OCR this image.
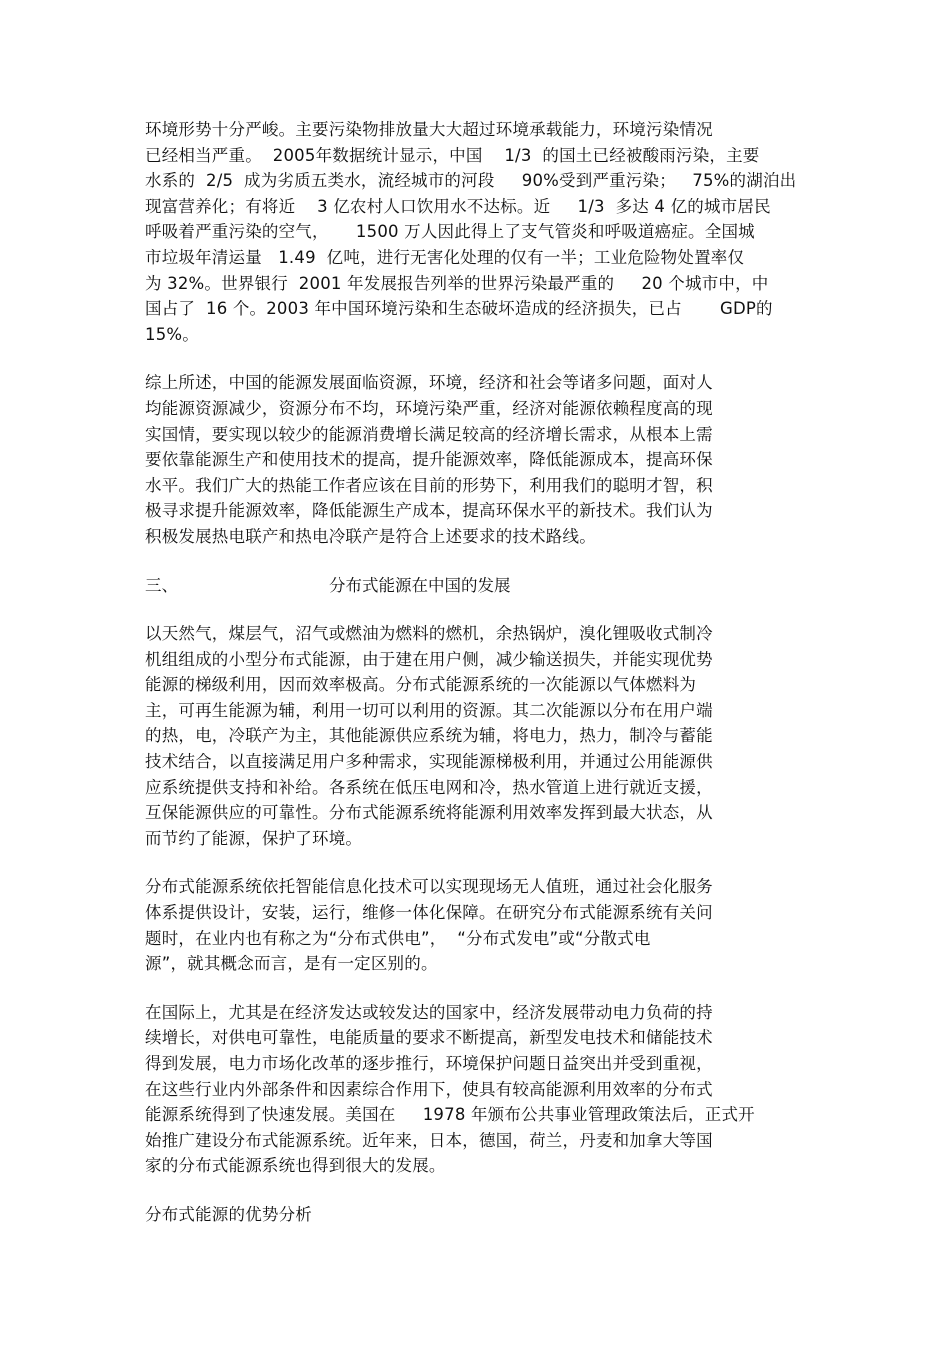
环境形势十分严峻。主要污染物排放量大大超过环境承载能力，环境污染情况
已经相当严重。  2005年数据统计显示，中国    1/3  的国土已经被酸雨污染，主要
水系的  2/5  成为劣质五类水，流经城市的河段     90%受到严重污染；   75%的湖泊出
现富营养化；有将近    3 亿农村人口饮用水不达标。近     1/3  多达 4 亿的城市居民
呼吸着严重污染的空气，     1500 万人因此得上了支气管炎和呼吸道癌症。全国城
市垃圾年清运量   1.49  亿吨，进行无害化处理的仅有一半；工业危险物处置率仅
为 32%。世界银行  2001 年发展报告列举的世界污染最严重的     20 个城市中，中
国占了  16 个。2003 年中国环境污染和生态破坏造成的经济损失，已占       GDP的
15%。
综上所述，中国的能源发展面临资源，环境，经济和社会等诸多问题，面对人
均能源资源减少，资源分布不均，环境污染严重，经济对能源依赖程度高的现
实国情，要实现以较少的能源消费增长满足较高的经济增长需求，从根本上需
要依靠能源生产和使用技术的提高，提升能源效率，降低能源成本，提高环保
水平。我们广大的热能工作者应该在目前的形势下，利用我们的聪明才智，积
极寻求提升能源效率，降低能源生产成本，提高环保水平的新技术。我们认为
积极发展热电联产和热电冷联产是符合上述要求的技术路线。
三、	分布式能源在中国的发展
以天然气，煤层气，沼气或燃油为燃料的燃机，余热锅炉，溴化锂吸收式制冷
机组组成的小型分布式能源，由于建在用户侧，减少输送损失，并能实现优势
能源的梯级利用，因而效率极高。分布式能源系统的一次能源以气体燃料为
主，可再生能源为辅，利用一切可以利用的资源。其二次能源以分布在用户端
的热，电，冷联产为主，其他能源供应系统为辅，将电力，热力，制冷与蓄能
技术结合，以直接满足用户多种需求，实现能源梯极利用，并通过公用能源供
应系统提供支持和补给。各系统在低压电网和冷，热水管道上进行就近支援，
互保能源供应的可靠性。分布式能源系统将能源利用效率发挥到最大状态，从
而节约了能源，保护了环境。
分布式能源系统依托智能信息化技术可以实现现场无人值班，通过社会化服务
体系提供设计，安装，运行，维修一体化保障。在研究分布式能源系统有关问
题时，在业内也有称之为“分布式供电”，  “分布式发电”或“分散式电
源”，就其概念而言，是有一定区别的。
在国际上，尤其是在经济发达或较发达的国家中，经济发展带动电力负荷的持
续增长，对供电可靠性，电能质量的要求不断提高，新型发电技术和储能技术
得到发展，电力市场化改革的逐步推行，环境保护问题日益突出并受到重视，
在这些行业内外部条件和因素综合作用下，使具有较高能源利用效率的分布式
能源系统得到了快速发展。美国在     1978 年颁布公共事业管理政策法后，正式开
始推广建设分布式能源系统。近年来，日本，德国，荷兰，丹麦和加拿大等国
家的分布式能源系统也得到很大的发展。
分布式能源的优势分析
